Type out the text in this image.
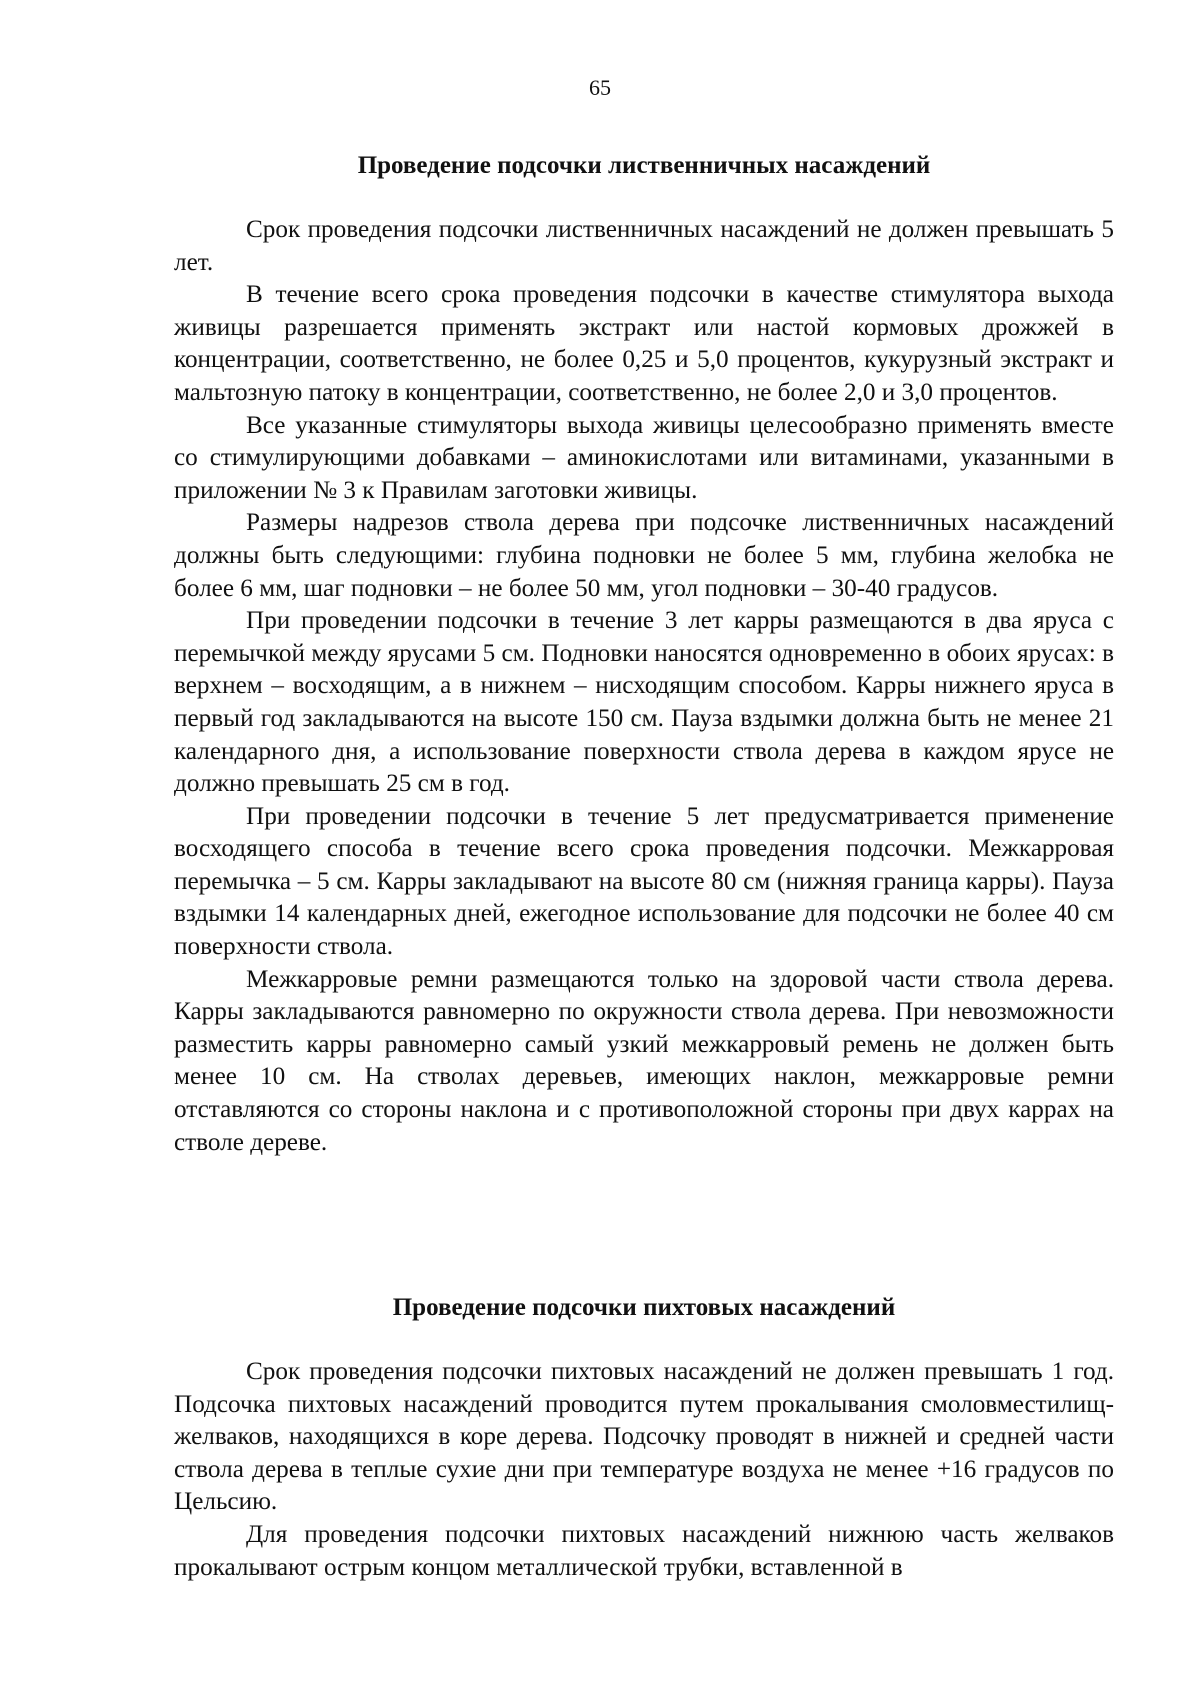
65
Проведение подсочки лиственничных насаждений

Срок проведения подсочки лиственничных насаждений не должен превышать 5 лет.

В течение всего срока проведения подсочки в качестве стимулятора выхода живицы разрешается применять экстракт или настой кормовых дрожжей в концентрации, соответственно, не более 0,25 и 5,0 процентов, кукурузный экстракт и мальтозную патоку в концентрации, соответственно, не более 2,0 и 3,0 процентов.

Все указанные стимуляторы выхода живицы целесообразно применять вместе со стимулирующими добавками – аминокислотами или витаминами, указанными в приложении № 3 к Правилам заготовки живицы.

Размеры надрезов ствола дерева при подсочке лиственничных насаждений должны быть следующими: глубина подновки не более 5 мм, глубина желобка не более 6 мм, шаг подновки – не более 50 мм, угол подновки – 30-40 градусов.

При проведении подсочки в течение 3 лет карры размещаются в два яруса с перемычкой между ярусами 5 см. Подновки наносятся одновременно в обоих ярусах: в верхнем – восходящим, а в нижнем – нисходящим способом. Карры нижнего яруса в первый год закладываются на высоте 150 см. Пауза вздымки должна быть не менее 21 календарного дня, а использование поверхности ствола дерева в каждом ярусе не должно превышать 25 см в год.

При проведении подсочки в течение 5 лет предусматривается применение восходящего способа в течение всего срока проведения подсочки. Межкарровая перемычка – 5 см. Карры закладывают на высоте 80 см (нижняя граница карры). Пауза вздымки 14 календарных дней, ежегодное использование для подсочки не более 40 см поверхности ствола.

Межкарровые ремни размещаются только на здоровой части ствола дерева. Карры закладываются равномерно по окружности ствола дерева. При невозможности разместить карры равномерно самый узкий межкарровый ремень не должен быть менее 10 см. На стволах деревьев, имеющих наклон, межкарровые ремни отставляются со стороны наклона и с противоположной стороны при двух каррах на стволе дереве.

Проведение подсочки пихтовых насаждений

Срок проведения подсочки пихтовых насаждений не должен превышать 1 год. Подсочка пихтовых насаждений проводится путем прокалывания смоловместилищ-желваков, находящихся в коре дерева. Подсочку проводят в нижней и средней части ствола дерева в теплые сухие дни при температуре воздуха не менее +16 градусов по Цельсию.

Для проведения подсочки пихтовых насаждений нижнюю часть желваков прокалывают острым концом металлической трубки, вставленной в
